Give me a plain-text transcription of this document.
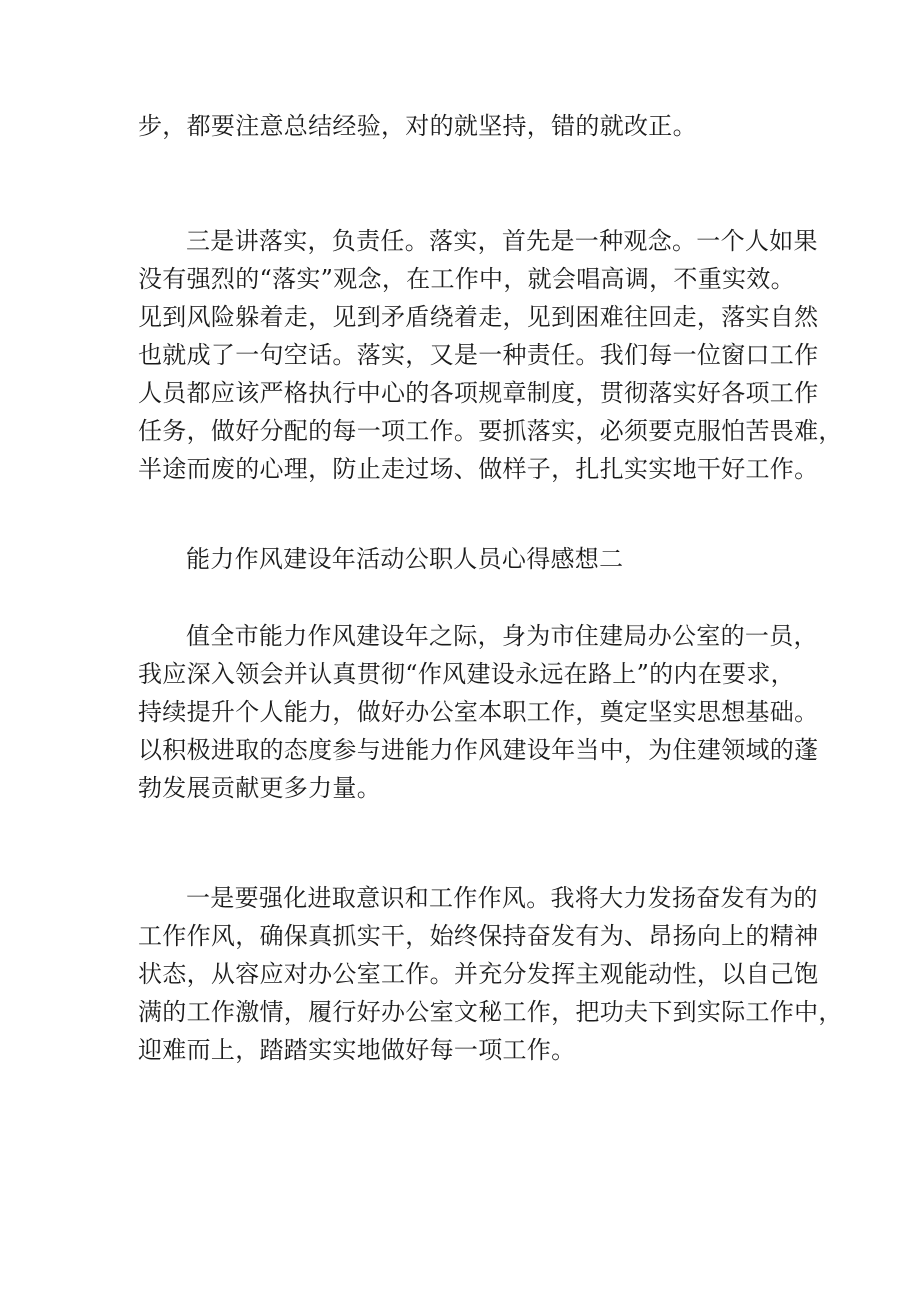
步，都要注意总结经验，对的就坚持，错的就改正。

三是讲落实，负责任。落实，首先是一种观念。一个人如果
没有强烈的“落实”观念，在工作中，就会唱高调，不重实效。
见到风险躲着走，见到矛盾绕着走，见到困难往回走，落实自然
也就成了一句空话。落实，又是一种责任。我们每一位窗口工作
人员都应该严格执行中心的各项规章制度，贯彻落实好各项工作
任务，做好分配的每一项工作。要抓落实，必须要克服怕苦畏难，
半途而废的心理，防止走过场、做样子，扎扎实实地干好工作。

能力作风建设年活动公职人员心得感想二

值全市能力作风建设年之际，身为市住建局办公室的一员，
我应深入领会并认真贯彻“作风建设永远在路上”的内在要求，
持续提升个人能力，做好办公室本职工作，奠定坚实思想基础。
以积极进取的态度参与进能力作风建设年当中，为住建领域的蓬
勃发展贡献更多力量。

一是要强化进取意识和工作作风。我将大力发扬奋发有为的
工作作风，确保真抓实干，始终保持奋发有为、昂扬向上的精神
状态，从容应对办公室工作。并充分发挥主观能动性，以自己饱
满的工作激情，履行好办公室文秘工作，把功夫下到实际工作中，
迎难而上，踏踏实实地做好每一项工作。
